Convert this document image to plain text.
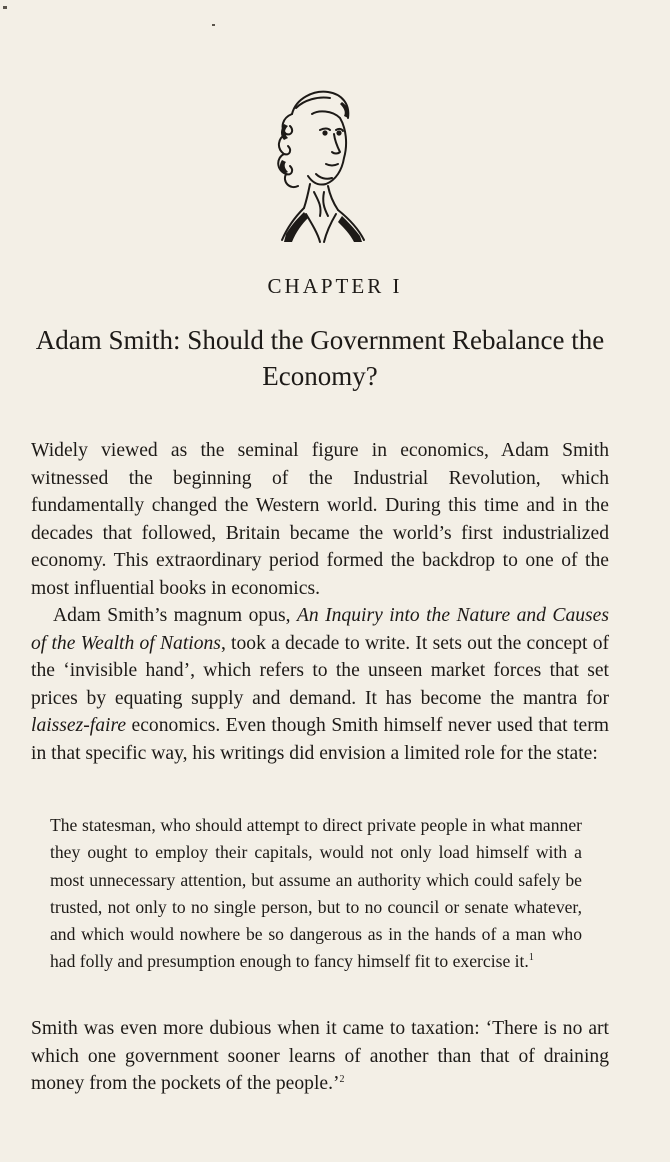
CHAPTER I
Adam Smith: Should the Government Rebalance the Economy?

Widely viewed as the seminal figure in economics, Adam Smith witnessed the beginning of the Industrial Revolution, which fundamentally changed the Western world. During this time and in the decades that followed, Britain became the world’s first industrialized economy. This extraordinary period formed the backdrop to one of the most influential books in economics.

Adam Smith’s magnum opus, An Inquiry into the Nature and Causes of the Wealth of Nations, took a decade to write. It sets out the concept of the ‘invisible hand’, which refers to the unseen market forces that set prices by equating supply and demand. It has become the mantra for laissez-faire economics. Even though Smith himself never used that term in that specific way, his writings did envision a limited role for the state:

The statesman, who should attempt to direct private people in what manner they ought to employ their capitals, would not only load himself with a most unnecessary attention, but assume an authority which could safely be trusted, not only to no single person, but to no council or senate whatever, and which would nowhere be so dangerous as in the hands of a man who had folly and presumption enough to fancy himself fit to exercise it.$^1$

Smith was even more dubious when it came to taxation: ‘There is no art which one government sooner learns of another than that of draining money from the pockets of the people.’$^2$
